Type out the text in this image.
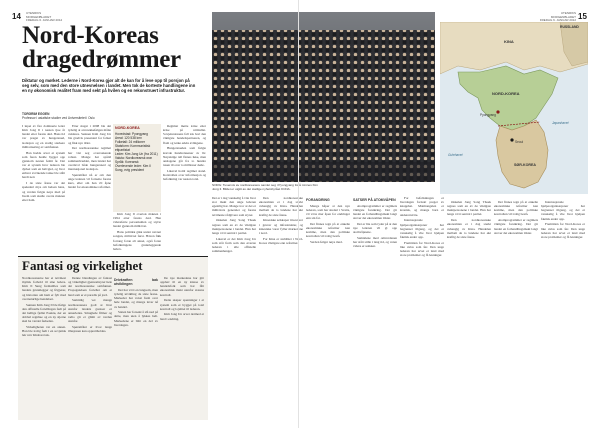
14 UTENRIKS
MORGENBLADET
FREDAG 6. JANUAR 2012
Nord-Koreas
dragedrømmer
Diktatur og mørket. Lederne i Nord-Korea gjør alt de kan for å leve opp til porsjon på seg selv, som med den store utnevnelsen i landet. Men tok de korteste handlingene inn en ny økonomisk realitet fram med sekt på hvilen og en rekonstruert infrastruktur.
TORGRIM EGGEN
Professor i asiatiske studier ved Universitetet i Oslo

I løpet av fire dominerte leder Kim Jong Il i nesten tjue år landet etter farens død. Hans tid var preget av hungersnød, isolasjon og en stadig sterkere militarisering av samfunnet.

Han hadde arvet et system som faren hadde bygget opp gjennom nesten femti år. Det var et system hvor lederen ble dyrket som en halvgud, og hvor enhver avvikende tanke ble slått hardt ned.

I de siste årene var det spekulert mye om helsen hans, og verden fulgte nøye med på hvem som skulle overta makten etter ham.

Etter slaget i 2008 ble det tydelig at arverekkefølgen måtte avklares. Sønnen Kim Jong Un ble gradvis presentert for folket og fikk nye titler.

Det nordkoreanske regimet har vist seg overraskende robust. Mange har spådd sammenbruddet, men landet har overlevd både hungersnød og internasjonal isolasjon.

Spørsmålet nå er om den unge lederen vil fortsette farens kurs, eller om han vil åpne landet for økonomiske reformer.

NORD-KOREA
Hovedstad: Pyongyang
Areal: 120 538 km²
Folketall: 24 millioner
Statsform: Kommunistisk ettpartistat
Leder: Kim Jong Un (fra 2011)
Valuta: Nordkoreansk won
Språk: Koreansk
Overlevende leder: Kim Il Sung, evig president

Kim Jong Il overtok makten i 1994 etter farens død. Han videreførte personkulten og styrte landet gjennom militæret.

Hans politikk gikk under navnet songun, militæret først. Hæren fikk forrang foran alt annet, også foran befolkningens grunnleggende behov.

Regimet møtte krise etter krise på nittitallet. Sovjetunionens fall tok bort den viktigste handelspartneren, og flom og tørke ødela avlingene.

Hungersnøden som fulgte krevde hundretusener av liv. Nøyaktige tall finnes ikke, men anslagene går fra to hundre tusen til over to millioner døde.

Likevel holdt regimet stand. Kontrollen over informasjon og befolkning var nesten total.

Fantasi og virkelighet

Nordkoreanerne har et nærmest mytisk forhold til sine ledere. Kim Il Sung fremstilles som landets grunnlegger og frigjører, og historien om ham er fylt med overnaturlige hendelser.

Sønnen Kim Jong Il ble ifølge den offisielle fortellingen født på det hellige fjellet Paektu, der en dobbel regnbue og en ny stjerne skal ha varslet fødselen.

Virkeligheten var en annen. Han ble trolig født i en sovjetisk leir nær Khabarovsk.

Denne blandingen av fantasi og virkelighet gjennomsyrer hele det nordkoreanske samfunnet. Propagandaen forteller om et land som er et paradis på jord.

Samtidig vet mange nordkoreanere godt at livet utenfor landets grenser er annerledes. Smuglede filmer og radio gir et glimt av verden utenfor.

Spørsmålet er hvor lenge illusjonen kan opprettholdes.

Drivkraften bak utviklingen

Det har vært en langsom, men tydelig utvikling de siste årene. Markeder har vokst frem over hele landet, og mange lever nå av handel.

Staten har forsøkt å slå ned på dette, men uten å lykkes helt. Markedene er blitt en del av hverdagen.

De nye markedene har gitt opphav til en ny klasse av handelsfolk som har fått økonomisk makt utenfor statens kontroll.

Dette skaper spenninger i et system som er bygget på total kontroll og lojalitet til lederen.

Kim Jong Un arver dermed et land i endring.

SORG: Tusenvis av nordkoreanere samlet seg i Pyongyang for å minnes Kim Jong Il. Bildet er utgitt av det statlige nyhetsbyrået KCNA.
15
UTENRIKS
MORGENBLADET
FREDAG 6. JANUAR 2012
RUSSLAND
KINA
NORD-KOREA
SØR-KOREA
Pyongyang
Seoul
Japanhavet
Gulehavet

Det er i dag vanskelig å vite hvor stor makt den unge lederen egentlig har. Mange tror at det er militærets generaler og farens nærmeste rådgivere som styrer.

Onkelen Jang Song Thaek regnes som en av de viktigste maktpersonene i landet. Han har lenge vært sentral i partiet.

Likevel er det Kim Jong Un som står frem som den øverste lederen i alle offisielle sammenhenger.

Den nordkoreanske økonomien er i dag sterkt avhengig av Kina. Handelen mellom de to landene har økt kraftig de siste årene.

Kinesiske selskaper investerer i gruver og infrastruktur, og kinesiske varer fyller markedene i nord.

For Kina er stabilitet i Nord-Korea viktigere enn reformer.

FORANDRING

Mange håper at den nye lederen, som har studert i Sveits, vil være mer åpen for endringer enn sin far.

Det finnes tegn på at enkelte økonomiske reformer kan komme, men den politiske kontrollen vil trolig bestå.

Verden følger nøye med.

SATSER PÅ ATOMVÅPEN

Atomprogrammet er regimets viktigste forsikring. Det gir landet en forhandlingsmakt langt utover det økonomien tilsier.

Det er lite som tyder på at den nye lederen vil gi opp atomvåpnene.

Samtalene med omverdenen har stått stille i lang tid, og veien videre er usikker.

For befolkningen er hverdagen fortsatt preget av knapphet. Matmangelen er kronisk, og mange barn er underernærte.

Internasjonale hjelpeorganisasjoner har begrenset tilgang, og det er vanskelig å vite hvor hjelpen faktisk ender opp.

Fremtiden for Nord-Korea er like uviss som før. Den unge lederen har arvet et land med store problemer og få løsninger.

Onkelen Jang Song Thaek regnes som en av de viktigste maktpersonene i landet. Han har lenge vært sentral i partiet.

Den nordkoreanske økonomien er i dag sterkt avhengig av Kina. Handelen mellom de to landene har økt kraftig de siste årene.

Det finnes tegn på at enkelte økonomiske reformer kan komme, men den politiske kontrollen vil trolig bestå.

Atomprogrammet er regimets viktigste forsikring. Det gir landet en forhandlingsmakt langt utover det økonomien tilsier.

Internasjonale hjelpeorganisasjoner har begrenset tilgang, og det er vanskelig å vite hvor hjelpen faktisk ender opp.

Fremtiden for Nord-Korea er like uviss som før. Den unge lederen har arvet et land med store problemer og få løsninger.
